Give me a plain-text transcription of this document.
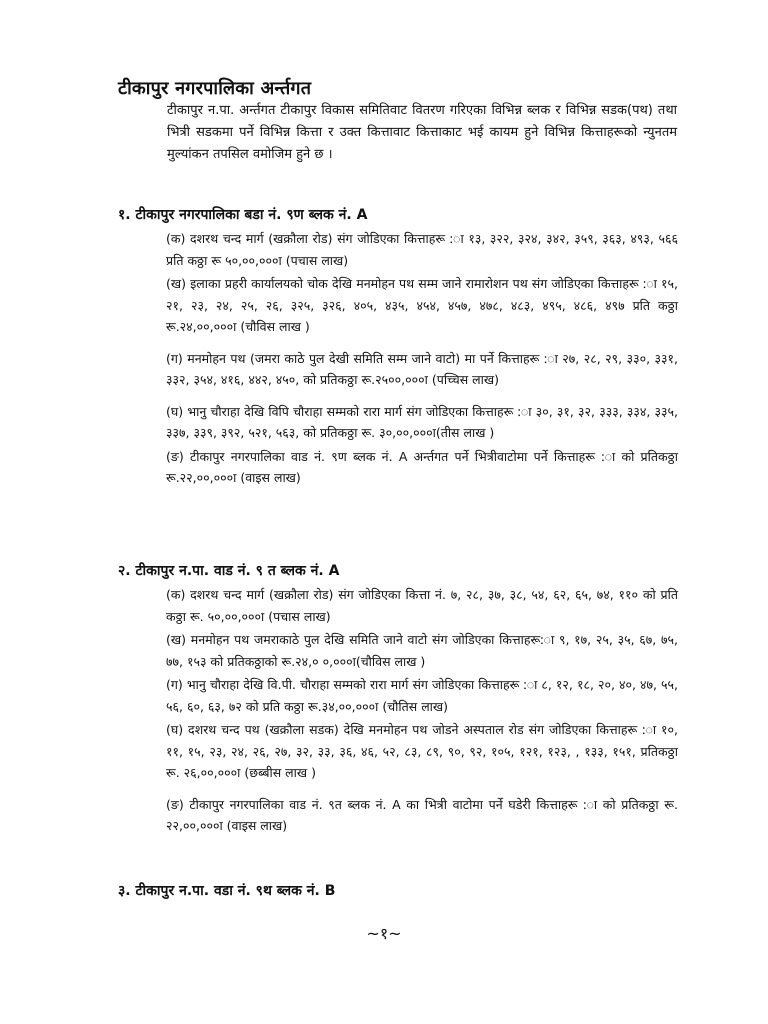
टीकापुर नगरपालिका अर्न्तगत
टीकापुर न.पा. अर्न्तगत टीकापुर विकास समितिवाट वितरण गरिएका विभिन्न ब्लक र विभिन्न सडक(पथ) तथा भित्री सडकमा पर्ने विभिन्न कित्ता र उक्त कित्तावाट कित्ताकाट भई कायम हुने विभिन्न कित्ताहरूको न्युनतम मुल्यांकन तपसिल वमोजिम हुने छ ।
१. टीकापुर नगरपालिका बडा नं. ९ण ब्लक नं. A
(क) दशरथ चन्द मार्ग (खक्रौला रोड) संग जोडिएका कित्ताहरू :ा १३, ३२२, ३२४, ३४२, ३५९, ३६३, ४९३, ५६६ प्रति कठ्ठा रू ५०,००,०००ा (पचास लाख)
(ख) इलाका प्रहरी कार्यालयको चोक देखि मनमोहन पथ सम्म जाने रामारोशन पथ संग जोडिएका कित्ताहरू :ा १५, २१, २३, २४, २५, २६, ३२५, ३२६, ४०५, ४३५, ४५४, ४५७, ४७८, ४८३, ४९५, ४८६, ४९७ प्रति कठ्ठा रू.२४,००,०००ा (चौविस लाख )
(ग) मनमोहन पथ (जमरा काठे पुल देखी समिति सम्म जाने वाटो) मा पर्ने कित्ताहरू :ा २७, २८, २९, ३३०, ३३१, ३३२, ३५४, ४१६, ४४२, ४५०, को प्रतिकठ्ठा रू.२५००,०००ा (पच्चिस लाख)
(घ) भानु चौराहा देखि विपि चौराहा सम्मको रारा मार्ग संग जोडिएका कित्ताहरू :ा ३०, ३१, ३२, ३३३, ३३४, ३३५, ३३७, ३३९, ३९२, ५२१, ५६३, को प्रतिकठ्ठा रू. ३०,००,०००ा(तीस लाख )
(ङ) टीकापुर नगरपालिका वाड नं. ९ण ब्लक नं. A अर्न्तगत पर्ने भित्रीवाटोमा पर्ने कित्ताहरू :ा को प्रतिकठ्ठा रू.२२,००,०००ा (वाइस लाख)
२. टीकापुर न.पा. वाड नं. ९ त ब्लक नं. A
(क) दशरथ चन्द मार्ग (खक्रौला रोड) संग जोडिएका कित्ता नं. ७, २८, ३७, ३८, ५४, ६२, ६५, ७४, ११० को प्रति कठ्ठा रू. ५०,००,०००ा (पचास लाख)
(ख) मनमोहन पथ जमराकाठे पुल देखि समिति जाने वाटो संग जोडिएका कित्ताहरू:ा ९, १७, २५, ३५, ६७, ७५, ७७, १५३ को प्रतिकठ्ठाको रू.२४,० ०,०००ा(चौविस लाख )
(ग) भानु चौराहा देखि वि.पी. चौराहा सम्मको रारा मार्ग संग जोडिएका कित्ताहरू :ा ८, १२, १८, २०, ४०, ४७, ५५, ५६, ६०, ६३, ७२ को प्रति कठ्ठा रू.३४,००,०००ा (चौतिस लाख)
(घ) दशरथ चन्द पथ (खक्रौला सडक) देखि मनमोहन पथ जोडने अस्पताल रोड संग जोडिएका कित्ताहरू :ा १०, ११, १५, २३, २४, २६, २७, ३२, ३३, ३६, ४६, ५२, ८३, ८९, ९०, ९२, १०५, १२१, १२३, , १३३, १५१, प्रतिकठ्ठा रू. २६,००,०००ा (छब्बीस लाख )
(ङ) टीकापुर नगरपालिका वाड नं. ९त ब्लक नं. A का भित्री वाटोमा पर्ने घडेरी कित्ताहरू :ा को प्रतिकठ्ठा रू. २२,००,०००ा (वाइस लाख)
३. टीकापुर न.पा. वडा नं. ९थ ब्लक नं. B
~१~
